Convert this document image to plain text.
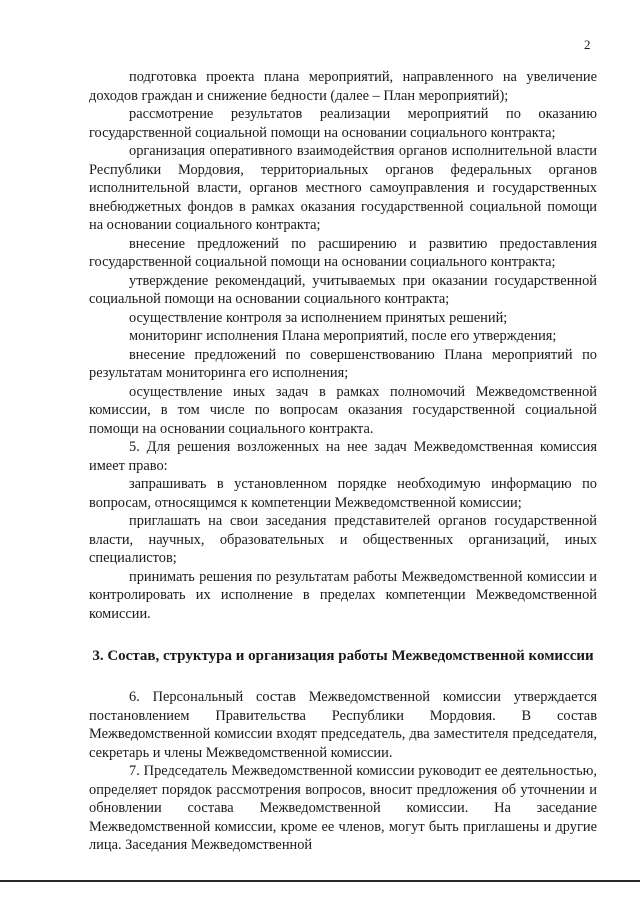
2

подготовка проекта плана мероприятий, направленного на увеличение доходов граждан и снижение бедности (далее – План мероприятий);

рассмотрение результатов реализации мероприятий по оказанию государственной социальной помощи на основании социального контракта;

организация оперативного взаимодействия органов исполнительной власти Республики Мордовия, территориальных органов федеральных органов исполнительной власти, органов местного самоуправления и государственных внебюджетных фондов в рамках оказания государственной социальной помощи на основании социального контракта;

внесение предложений по расширению и развитию предоставления государственной социальной помощи на основании социального контракта;

утверждение рекомендаций, учитываемых при оказании государственной социальной помощи на основании социального контракта;

осуществление контроля за исполнением принятых решений;

мониторинг исполнения Плана мероприятий, после его утверждения;

внесение предложений по совершенствованию Плана мероприятий по результатам мониторинга его исполнения;

осуществление иных задач в рамках полномочий Межведомственной комиссии, в том числе по вопросам оказания государственной социальной помощи на основании социального контракта.

5. Для решения возложенных на нее задач Межведомственная комиссия имеет право:

запрашивать в установленном порядке необходимую информацию по вопросам, относящимся к компетенции Межведомственной комиссии;

приглашать на свои заседания представителей органов государственной власти, научных, образовательных и общественных организаций, иных специалистов;

принимать решения по результатам работы Межведомственной комиссии и контролировать их исполнение в пределах компетенции Межведомственной комиссии.

3. Состав, структура и организация работы Межведомственной комиссии

6. Персональный состав Межведомственной комиссии утверждается постановлением Правительства Республики Мордовия. В состав Межведомственной комиссии входят председатель, два заместителя председателя, секретарь и члены Межведомственной комиссии.

7. Председатель Межведомственной комиссии руководит ее деятельностью, определяет порядок рассмотрения вопросов, вносит предложения об уточнении и обновлении состава Межведомственной комиссии. На заседание Межведомственной комиссии, кроме ее членов, могут быть приглашены и другие лица. Заседания Межведомственной
